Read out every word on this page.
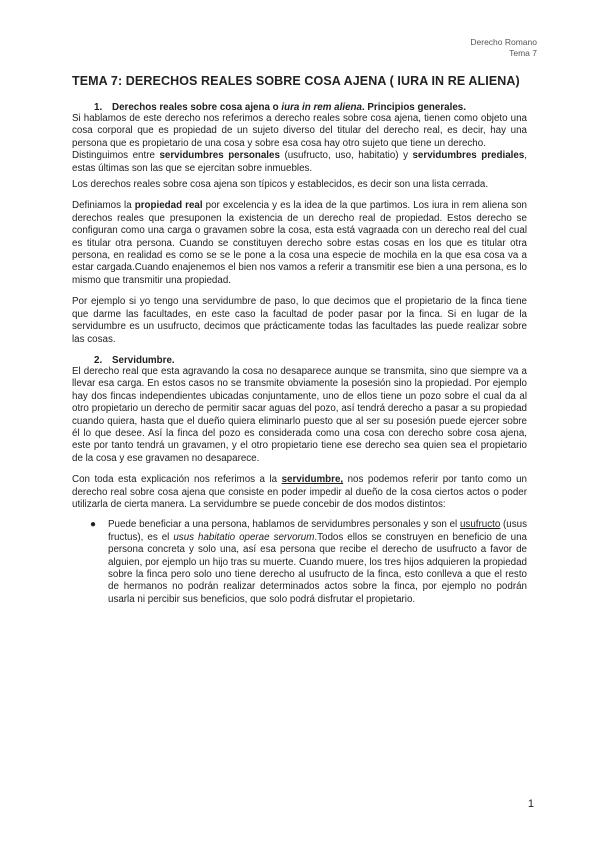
Derecho Romano
Tema 7
TEMA 7: DERECHOS REALES SOBRE COSA AJENA ( IURA IN RE ALIENA)
1. Derechos reales sobre cosa ajena o iura in rem aliena. Principios generales.

Si hablamos de este derecho nos referimos a derecho reales sobre cosa ajena, tienen como objeto una cosa corporal que es propiedad de un sujeto diverso del titular del derecho real, es decir, hay una persona que es propietario de una cosa y sobre esa cosa hay otro sujeto que tiene un derecho.

Distinguimos entre servidumbres personales (usufructo, uso, habitatio) y servidumbres prediales, estas últimas son las que se ejercitan sobre inmuebles.

Los derechos reales sobre cosa ajena son típicos y establecidos, es decir son una lista cerrada.

Definiamos la propiedad real por excelencia y es la idea de la que partimos. Los iura in rem aliena son derechos reales que presuponen la existencia de un derecho real de propiedad. Estos derecho se configuran como una carga o gravamen sobre la cosa, esta está vagraada con un derecho real del cual es titular otra persona. Cuando se constituyen derecho sobre estas cosas en los que es titular otra persona, en realidad es como se se le pone a la cosa una especie de mochila en la que esa cosa va a estar cargada.Cuando enajenemos el bien nos vamos a referir a transmitir ese bien a una persona, es lo mismo que transmitir una propiedad.

Por ejemplo si yo tengo una servidumbre de paso, lo que decimos que el propietario de la finca tiene que darme las facultades, en este caso la facultad de poder pasar por la finca. Si en lugar de la servidumbre es un usufructo, decimos que prácticamente todas las facultades las puede realizar sobre las cosas.

2. Servidumbre.

El derecho real que esta agravando la cosa no desaparece aunque se transmita, sino que siempre va a llevar esa carga. En estos casos no se transmite obviamente la posesión sino la propiedad. Por ejemplo hay dos fincas independientes ubicadas conjuntamente, uno de ellos tiene un pozo sobre el cual da al otro propietario un derecho de permitir sacar aguas del pozo, así tendrá derecho a pasar a su propiedad cuando quiera, hasta que el dueño quiera eliminarlo puesto que al ser su posesión puede ejercer sobre él lo que desee. Así la finca del pozo es considerada como una cosa con derecho sobre cosa ajena, este por tanto tendrá un gravamen, y el otro propietario tiene ese derecho sea quien sea el propietario de la cosa y ese gravamen no desaparece.

Con toda esta explicación nos referimos a la servidumbre, nos podemos referir por tanto como un derecho real sobre cosa ajena que consiste en poder impedir al dueño de la cosa ciertos actos o poder utilizarla de cierta manera. La servidumbre se puede concebir de dos modos distintos:

●	Puede beneficiar a una persona, hablamos de servidumbres personales y son el usufructo (usus fructus), es el usus habitatio operae servorum.Todos ellos se construyen en beneficio de una persona concreta y solo una, así esa persona que recibe el derecho de usufructo a favor de alguien, por ejemplo un hijo tras su muerte. Cuando muere, los tres hijos adquieren la propiedad sobre la finca pero solo uno tiene derecho al usufructo de la finca, esto conlleva a que el resto de hermanos no podrán realizar determinados actos sobre la finca, por ejemplo no podrán usarla ni percibir sus beneficios, que solo podrá disfrutar el propietario.

1
